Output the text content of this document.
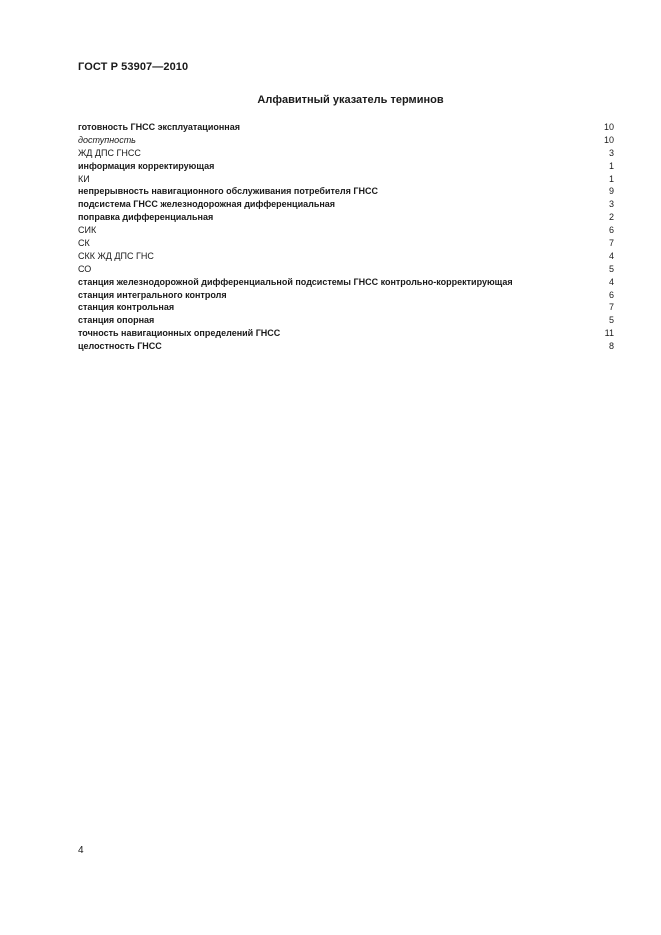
ГОСТ Р 53907—2010
Алфавитный указатель терминов
готовность ГНСС эксплуатационная	10
доступность	10
ЖД ДПС ГНСС	3
информация корректирующая	1
КИ	1
непрерывность навигационного обслуживания потребителя ГНСС	9
подсистема ГНСС железнодорожная дифференциальная	3
поправка дифференциальная	2
СИК	6
СК	7
СКК ЖД ДПС ГНС	4
СО	5
станция железнодорожной дифференциальной подсистемы ГНСС контрольно-корректирующая	4
станция интегрального контроля	6
станция контрольная	7
станция опорная	5
точность навигационных определений ГНСС	11
целостность ГНСС	8
4
